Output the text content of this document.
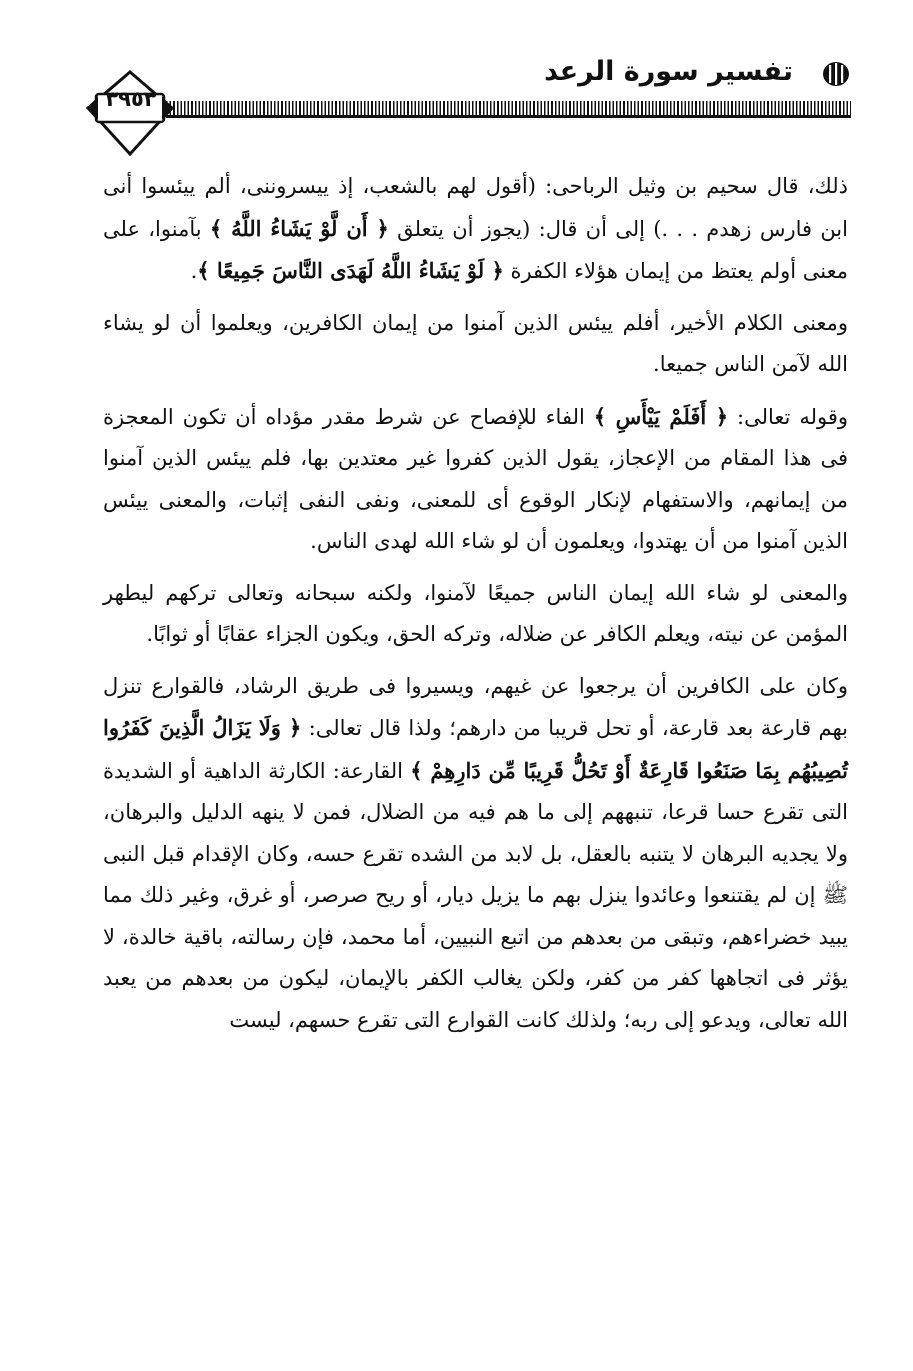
تفسير سورة الرعد
٣٩٥٣

ذلك، قال سحيم بن وثيل الرباحى: (أقول لهم بالشعب، إذ ييسروننى، ألم ييئسوا أنى ابن فارس زهدم . . .) إلى أن قال: (يجوز أن يتعلق ﴿ أَن لَّوْ يَشَاءُ اللَّهُ ﴾ بآمنوا، على معنى أولم يعتظ من إيمان هؤلاء الكفرة ﴿ لَوْ يَشَاءُ اللَّهُ لَهَدَى النَّاسَ جَمِيعًا ﴾.

ومعنى الكلام الأخير، أفلم ييئس الذين آمنوا من إيمان الكافرين، ويعلموا أن لو يشاء الله لآمن الناس جميعا.

وقوله تعالى: ﴿ أَفَلَمْ يَيْأَسِ ﴾ الفاء للإفصاح عن شرط مقدر مؤداه أن تكون المعجزة فى هذا المقام من الإعجاز، يقول الذين كفروا غير معتدين بها، فلم ييئس الذين آمنوا من إيمانهم، والاستفهام لإنكار الوقوع أى للمعنى، ونفى النفى إثبات، والمعنى ييئس الذين آمنوا من أن يهتدوا، ويعلمون أن لو شاء الله لهدى الناس.

والمعنى لو شاء الله إيمان الناس جميعًا لآمنوا، ولكنه سبحانه وتعالى تركهم ليطهر المؤمن عن نيته، ويعلم الكافر عن ضلاله، وتركه الحق، ويكون الجزاء عقابًا أو ثوابًا.

وكان على الكافرين أن يرجعوا عن غيهم، ويسيروا فى طريق الرشاد، فالقوارع تنزل بهم قارعة بعد قارعة، أو تحل قريبا من دارهم؛ ولذا قال تعالى: ﴿ وَلَا يَزَالُ الَّذِينَ كَفَرُوا تُصِيبُهُم بِمَا صَنَعُوا قَارِعَةٌ أَوْ تَحُلُّ قَرِيبًا مِّن دَارِهِمْ ﴾ القارعة: الكارثة الداهية أو الشديدة التى تقرع حسا قرعا، تنبههم إلى ما هم فيه من الضلال، فمن لا ينهه الدليل والبرهان، ولا يجديه البرهان لا يتنبه بالعقل، بل لابد من الشده تقرع حسه، وكان الإقدام قبل النبى ﷺ إن لم يقتنعوا وعائدوا ينزل بهم ما يزيل ديار، أو ريح صرصر، أو غرق، وغير ذلك مما يبيد خضراءهم، وتبقى من بعدهم من اتبع النبيين، أما محمد، فإن رسالته، باقية خالدة، لا يؤثر فى اتجاهها كفر من كفر، ولكن يغالب الكفر بالإيمان، ليكون من بعدهم من يعبد الله تعالى، ويدعو إلى ربه؛ ولذلك كانت القوارع التى تقرع حسهم، ليست
